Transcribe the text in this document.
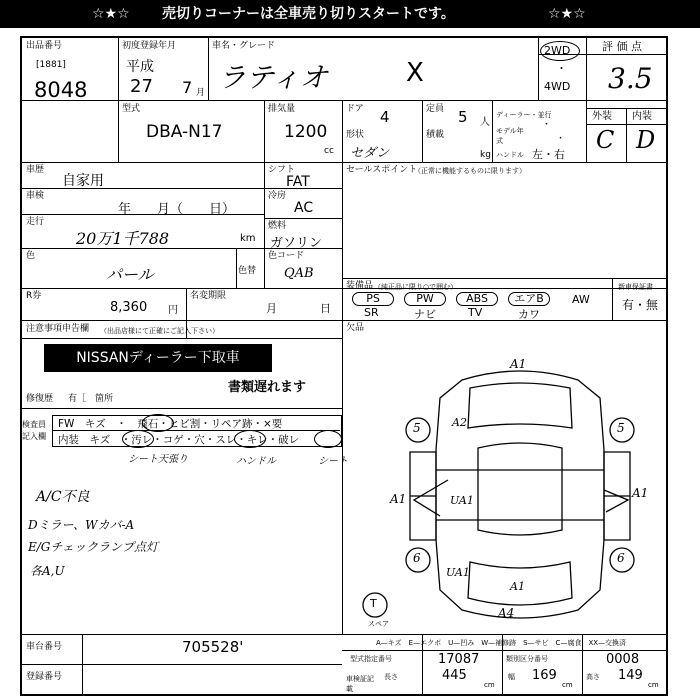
☆★☆ 売切りコーナーは全車売り切りスタートです。	☆★☆
出品番号
[1881]
8048
初度登録年月
平成
27 7 月
車名・グレード
ラティオ	X
2WD
・
4WD
評 価 点
3.5
外装 内装
C D
型式
DBA-N17
排気量
1200
cc
ドア 4	定員 5 人
形状
セダン
積載
kg
ディーラー・並行
・
モデル年式	・
ハンドル 左・右
車歴
自家用
車検
年　　月（　　日）
走行
20万1千788	km
色
パール	色替
シフト
FAT
冷房
AC
燃料
ガソリン
色コード
QAB
R券
8,360 円
名変期限
月	日
注意事項申告欄 （出品店様にて正確にご記入下さい）
NISSANディーラー下取車
書類遅れます
修復歴 有［　箇所
セールスポイント
（正常に機能するものに限ります）
装備品 （純正品に限り○で囲む）
PS	PW	ABS	エアB	AW
SR	ナビ	TV	カワ
新車保証書
有・無
欠品
検査員
記入欄
FW　キズ　・　飛石・ヒビ割・リペア跡・×要
内装　キズ　・汚レ・コゲ・穴・スレ・キレ・破レ
シート天張り	ハンドル	シート
A/C不良
Dミラー、Wカバ-A
E/Gチェックランプ点灯
各A,U
A—キズ　E—エクボ　U—凹み　W—補修跡　S—サビ　C—腐食　XX—交換済
車台番号	705528'
登録番号
型式指定番号	17087	類別区分番号	0008
車検証記載
長さ	445
cm
幅 169
cm
高さ 149
cm
A1
A2
A1	A1
UA1
UA1
A1
A4
5	5
6	6
T
スペア
